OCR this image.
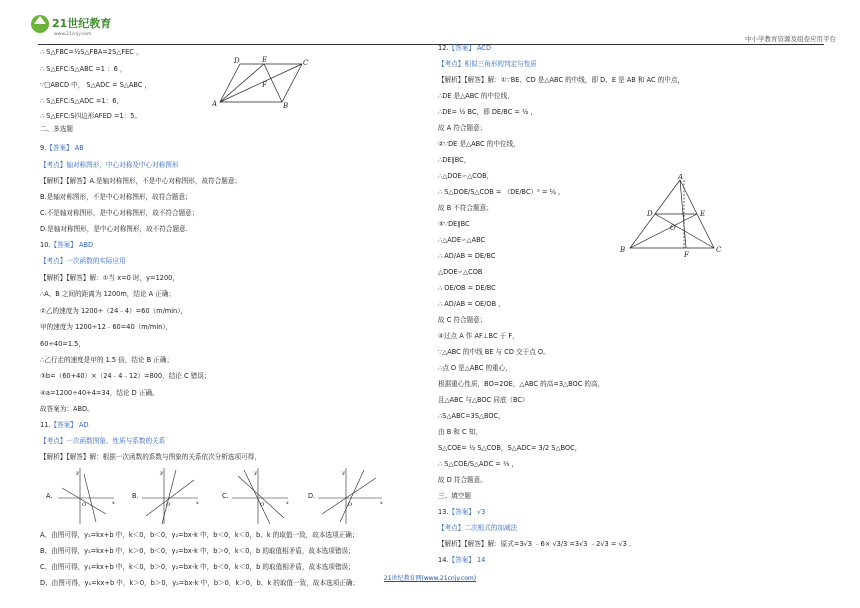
21世纪教育
www.21cnjy.com
中小学教育资源及组卷应用平台
∴ S△FBC=½S△FBA=2S△FEC ，
∴ S△EFC:S△ABC =1 ：6 ，
∵□ABCD 中， S△ADC = S△ABC ，
∴ S△EFC:S△ADC =1：6，
∴ S△EFC:S四边形AFED =1：5。
A	B
C
D	E
F
二、多选题
9.【答案】 AB
【考点】轴对称图形，中心对称及中心对称图形
【解析】【解答】A.是轴对称图形，不是中心对称图形，故符合题意；
B.是轴对称图形，不是中心对称图形，故符合题意；
C.不是轴对称图形，是中心对称图形，故不符合题意；
D.是轴对称图形，是中心对称图形，故不符合题意.
10.【答案】 ABD
【考点】一次函数的实际应用
【解析】【解答】解：①当 x=0 时，y=1200，
∴A、B 之间的距离为 1200m，结论 A 正确；
②乙的速度为 1200÷（24﹣4）=60（m/min），
甲的速度为 1200÷12﹣60=40（m/min），
60÷40=1.5，
∴乙行走的速度是甲的 1.5 倍，结论 B 正确；
③b=（60+40）×（24﹣4﹣12）=800，结论 C 错误；
④a=1200÷40+4=34，结论 D 正确。
故答案为：ABD。
11.【答案】 AD
【考点】一次函数图象、性质与系数的关系
【解析】【解答】解：根据一次函数的系数与图象的关系依次分析选项可得，
A.
y
x
O
B.
y
x
O
C.
y
x
O
D.
y
x
O
A、由图可得，y₁=kx+b 中，k＜0，b＜0，y₂=bx-k 中，b＜0，k＜0，b、k 的取值一致，故本选项正确；
B、由图可得，y₁=kx+b 中，k＞0，b＜0，y₂=bx-k 中，b＞0，k＜0，b 的取值相矛盾，故本选项错误；
C、由图可得，y₁=kx+b 中，k＜0，b＞0，y₂=bx-k 中，b＜0，k＜0，b 的取值相矛盾，故本选项错误；
D、由图可得，y₁=kx+b 中，k＞0，b＞0，y₂=bx-k 中，b＞0，k＞0，b、k 的取值一致，故本选项正确；
12.【答案】 ACD
【考点】相似三角形的判定与性质
【解析】【解答】解：①∵BE、CD 是△ABC 的中线，即 D、E 是 AB 和 AC 的中点，
∴DE 是△ABC 的中位线，
∴DE= ½ BC，即 DE/BC = ½ ，
故 A 符合题意；
②∵DE 是△ABC 的中位线，
∴DE∥BC，
∴△DOE∽△COB，
∴ S△DOE/S△COB = （DE/BC）² = ¼ ，
故 B 不符合题意；
③∵DE∥BC
∴△ADE∽△ABC
∴ AD/AB = DE/BC
△DOE∽△COB
∴ OE/OB = DE/BC
∴ AD/AB = OE/OB ，
故 C 符合题意；
④过点 A 作 AF⊥BC 于 F，
∵△ABC 的中线 BE 与 CD 交于点 O。
∴点 O 是△ABC 的重心，
根据重心性质，BO=2OE，△ABC 的高=3△BOC 的高，
且△ABC 与△BOC 同底（BC）
∴S△ABC=3S△BOC，
由 B 和 C 知，
S△COE= ½ S△COB，S△ADC= 3/2 S△BOC，
∴ S△COE/S△ADC = ⅓ ，
故 D 符合题意。
三、填空题
13.【答案】 √3
【考点】二次根式的加减法
【解析】【解答】解：原式=3√3 ﹣6× √3/3 =3√3 ﹣2√3 = √3 .
14.【答案】 14
A
D	E
O
B
F
C
21世纪教育网(www.21cnjy.com)
